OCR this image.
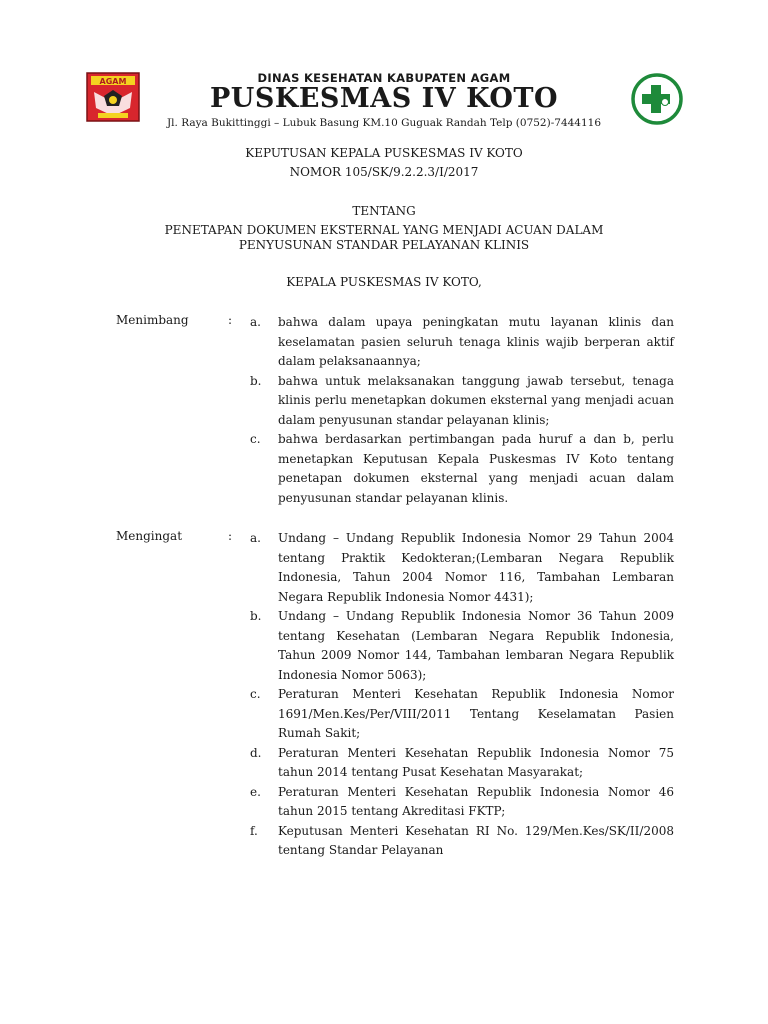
AGAM	DINAS KESEHATAN KABUPATEN AGAM
PUSKESMAS IV KOTO
Jl. Raya Bukittinggi – Lubuk Basung KM.10 Guguak Randah Telp (0752)-7444116
KEPUTUSAN KEPALA PUSKESMAS IV KOTO
NOMOR 105/SK/9.2.2.3/I/2017
TENTANG
PENETAPAN DOKUMEN EKSTERNAL YANG MENJADI ACUAN DALAM
PENYUSUNAN STANDAR PELAYANAN KLINIS
KEPALA PUSKESMAS IV KOTO,
Menimbang	: a. bahwa dalam upaya peningkatan mutu layanan klinis dan keselamatan pasien seluruh tenaga klinis wajib berperan aktif dalam pelaksanaannya;
b. bahwa untuk melaksanakan tanggung jawab tersebut, tenaga klinis perlu menetapkan dokumen eksternal yang menjadi acuan dalam penyusunan standar pelayanan klinis;
c. bahwa berdasarkan pertimbangan pada huruf a dan b, perlu menetapkan Keputusan Kepala Puskesmas IV Koto tentang penetapan dokumen eksternal yang menjadi acuan dalam penyusunan standar pelayanan klinis.
Mengingat	: a. Undang – Undang Republik Indonesia Nomor 29 Tahun 2004 tentang Praktik Kedokteran;(Lembaran Negara Republik Indonesia, Tahun 2004 Nomor 116, Tambahan Lembaran Negara Republik Indonesia Nomor 4431);
b. Undang – Undang Republik Indonesia Nomor 36 Tahun 2009 tentang Kesehatan (Lembaran Negara Republik Indonesia, Tahun 2009 Nomor 144, Tambahan lembaran Negara Republik Indonesia Nomor 5063);
c. Peraturan Menteri Kesehatan Republik Indonesia Nomor 1691/Men.Kes/Per/VIII/2011 Tentang Keselamatan Pasien Rumah Sakit;
d. Peraturan Menteri Kesehatan Republik Indonesia Nomor 75 tahun 2014 tentang Pusat Kesehatan Masyarakat;
e. Peraturan Menteri Kesehatan Republik Indonesia Nomor 46 tahun 2015 tentang Akreditasi FKTP;
f. Keputusan Menteri Kesehatan RI No. 129/Men.Kes/SK/II/2008 tentang Standar Pelayanan
